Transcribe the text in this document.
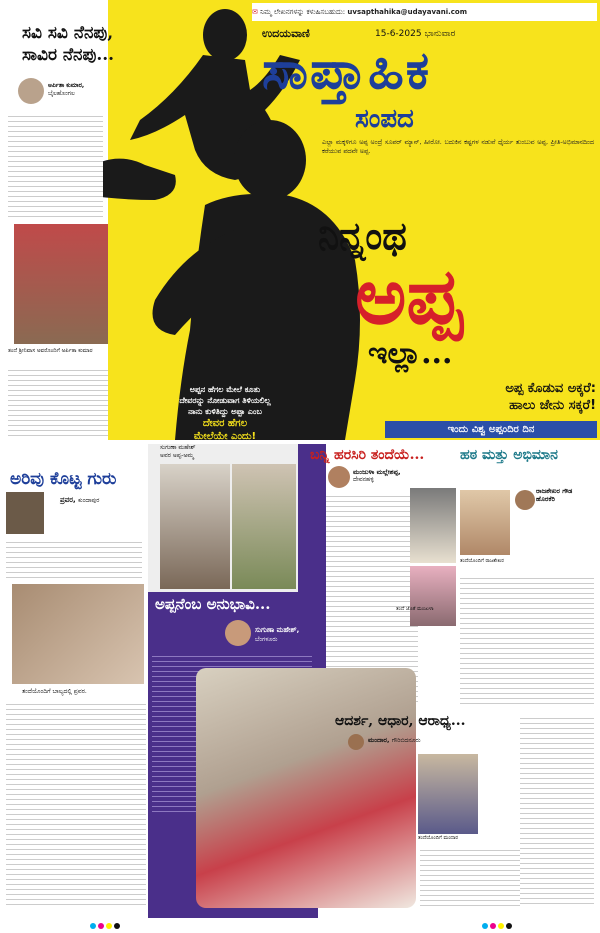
ಅಪ್ಪನ ಹೆಗಲ ಮೇಲೆ ಕೂತು
ದೇವರನ್ನು ನೋಡುವಾಗ ತಿಳಿಯಲಿಲ್ಲ
ನಾನು ಕುಳಿತಿದ್ದು ಅಪ್ಪಾ ಎಂಬ
ದೇವರ ಹೆಗಲ
ಮೇಲೆಯೇ ಎಂದು!
✉ ನಿಮ್ಮ ಲೇಖನಗಳನ್ನು ಕಳುಹಿಸಬಹುದು: uvsapthahika@udayavani.com
ಉದಯವಾಣಿ	15-6-2025 ಭಾನುವಾರ
ಸಾಪ್ತಾಹಿಕ
ಸಂಪದ
ಎಲ್ಲಾ ಮಕ್ಕಳಿಗೂ ಅಪ್ಪ ಅಂದ್ರೆ ಸೂಪರ್ ಮ್ಯಾನ್, ಹೀರೋ. ಬದುಕಿನ ಕಷ್ಟಗಳ ನಡುವೆ ಧೈರ್ಯ ತುಂಬುವ ಅಪ್ಪ, ಪ್ರೀತಿ-ಅಭಿಮಾನದಿಂದ ಕರೆಯುವ ಪದವೇ ಅಪ್ಪ.
ನಿನ್ನಂಥ
ಅಪ್ಪ
ಇಲ್ಲಾ...
ಅಪ್ಪ ಕೊಡುವ ಅಕ್ಕರೆ:
ಹಾಲು ಜೇನು ಸಕ್ಕರೆ!
ಇಂದು ವಿಶ್ವ ಅಪ್ಪಂದಿರ ದಿನ
ಸವಿ ಸವಿ ನೆನಪು,
ಸಾವಿರ ನೆನಪು...
ಅರ್ಪಿತಾ ಕುಮಾರ,
ಬೈಲಹೊಂಗಲ
ತಂದೆ ಶ್ರೀನಿವಾಸ ಅವರೊಂದಿಗೆ ಅರ್ಪಿತಾ ಕುಮಾರ
ಅರಿವು ಕೊಟ್ಟ ಗುರು
ಪ್ರವರ, ಕುಂದಾಪುರ
ತಂದೆಯೊಂದಿಗೆ ಬಾಲ್ಯದಲ್ಲಿ ಪ್ರವರ.
ಸುಗುಣಾ ಮಹೇಶ್
ಅವರ ಅಪ್ಪ-ಅಮ್ಮ
ಅಪ್ಪನೆಂಬ ಅನುಭಾವಿ...
ಸುಗುಣಾ ಮಹೇಶ್,
ಬೆಂಗಳೂರು
ಬನ್ನಿ ಹರಸಿರಿ ತಂದೆಯೆ...
ಮಂಜುಳಾ ಮಲ್ಲೇಶಪ್ಪ,
ದೇವನಹಳ್ಳಿ
ತಂದೆ ಜೊತೆ ಮಂಜುಳಾ
ಹಠ ಮತ್ತು ಅಭಿಮಾನ
ರಾಜಶೇಖರ ಗೌಡ
ಹೊರಕೆರಿ
ತಂದೆಯೊಂದಿಗೆ ರಾಜಶೇಖರ
ಆದರ್ಶ, ಆಧಾರ, ಆರಾಧ್ಯ...
ಮಂದಾರ, ಗೌರಿಬಿದನೂರು
ತಂದೆಯೊಂದಿಗೆ ಮಂದಾರ
